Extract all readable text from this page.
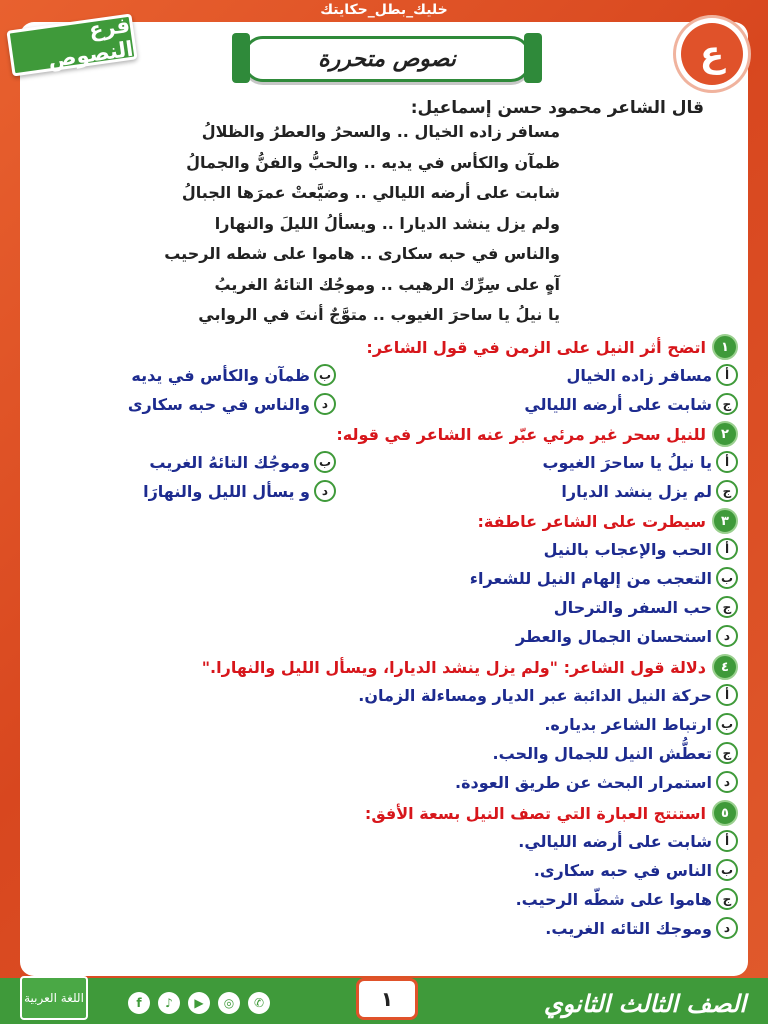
خليك_بطل_حكايتك
ع
فرع النصوص	نصوص متحررة
قال الشاعر محمود حسن إسماعيل:
مسافر زاده الخيال .. والسحرُ والعطرُ والظلالُ
ظمآن والكأس في يديه .. والحبُّ والفنُّ والجمالُ
شابت على أرضه الليالي .. وضيَّعتْ عمرَها الجبالُ
ولم يزل ينشد الديارا .. ويسألُ الليلَ والنهارا
والناس في حبه سكارى .. هاموا على شطه الرحيب
آهٍ على سِرِّك الرهيب .. وموجُك التائهُ الغريبُ
يا نيلُ يا ساحرَ الغيوب .. متوَّجٌ أنتَ في الروابي
١
اتضح أثر النيل على الزمن في قول الشاعر:
أ
مسافر زاده الخيال
ب
ظمآن والكأس في يديه
ج
شابت على أرضه الليالي
د
والناس في حبه سكارى
٢
للنيل سحر غير مرئي عبّر عنه الشاعر في قوله:
أ
يا نيلُ يا ساحرَ الغيوب
ب
وموجُك التائهُ الغريب
ج
لم يزل ينشد الديارا
د
و يسأل الليل والنهارَا
٣
سيطرت على الشاعر عاطفة:
أ
الحب والإعجاب بالنيل
ب
التعجب من إلهام النيل للشعراء
ج
حب السفر والترحال
د
استحسان الجمال والعطر
٤
دلالة قول الشاعر: "ولم يزل ينشد الديارا، ويسأل الليل والنهارا."
أ
حركة النيل الدائبة عبر الديار ومساءلة الزمان.
ب
ارتباط الشاعر بدياره.
ج
تعطُّش النيل للجمال والحب.
د
استمرار البحث عن طريق العودة.
٥
استنتج العبارة التي تصف النيل بسعة الأفق:
أ
شابت على أرضه الليالي.
ب
الناس في حبه سكارى.
ج
هاموا على شطّه الرحيب.
د
وموجك التائه الغريب.
الصف الثالث الثانوي
١
f	♪	▶	◎	✆
اللغة العربية
